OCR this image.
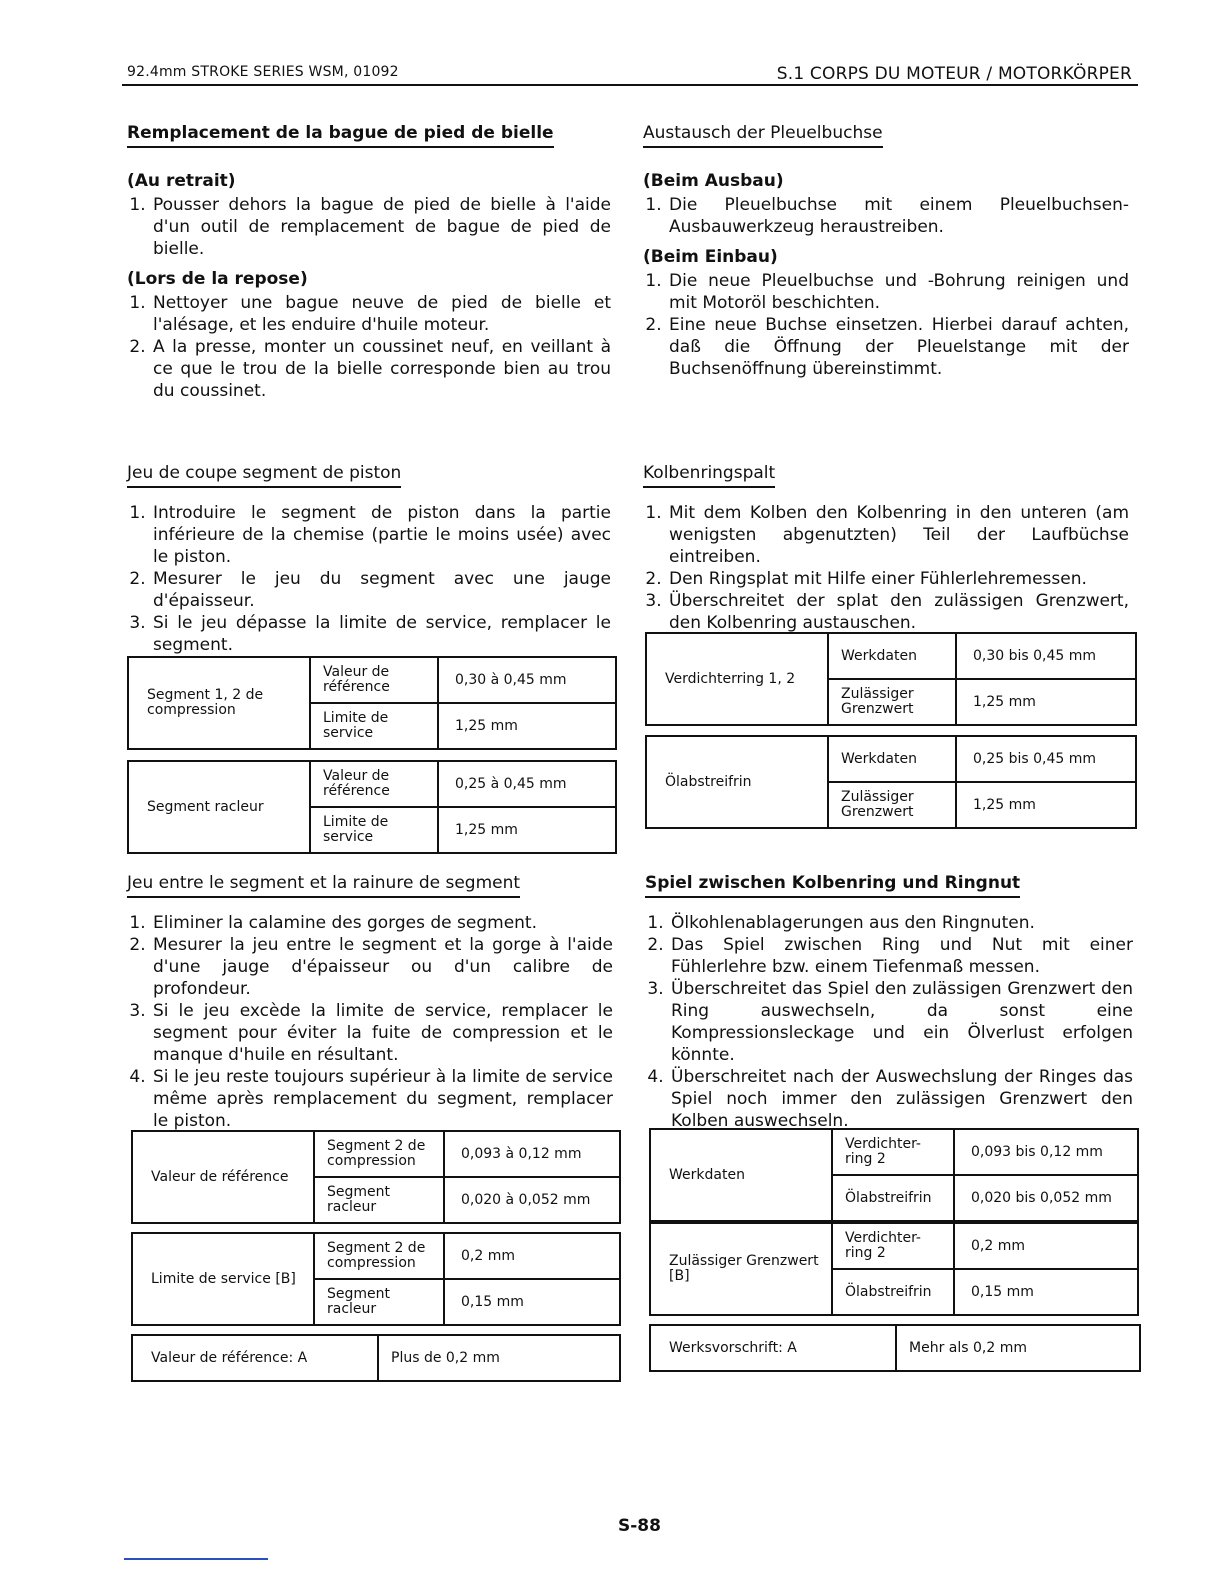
92.4mm STROKE SERIES WSM, 01092	S.1 CORPS DU MOTEUR / MOTORKÖRPER
Remplacement de la bague de pied de bielle
(Au retrait)
1. Pousser dehors la bague de pied de bielle à l'aide d'un outil de remplacement de bague de pied de bielle.
(Lors de la repose)
1. Nettoyer une bague neuve de pied de bielle et l'alésage, et les enduire d'huile moteur.
2. A la presse, monter un coussinet neuf, en veillant à ce que le trou de la bielle corresponde bien au trou du coussinet.
Austausch der Pleuelbuchse
(Beim Ausbau)
1. Die Pleuelbuchse mit einem Pleuelbuchsen-Ausbauwerkzeug heraustreiben.
(Beim Einbau)
1. Die neue Pleuelbuchse und -Bohrung reinigen und mit Motoröl beschichten.
2. Eine neue Buchse einsetzen. Hierbei darauf achten, daß die Öffnung der Pleuelstange mit der Buchsenöffnung übereinstimmt.
Jeu de coupe segment de piston
1. Introduire le segment de piston dans la partie inférieure de la chemise (partie le moins usée) avec le piston.
2. Mesurer le jeu du segment avec une jauge d'épaisseur.
3. Si le jeu dépasse la limite de service, remplacer le segment.
Segment 1, 2 de compression	Valeur de référence	0,30 à 0,45 mm
	Limite de service	1,25 mm
Segment racleur	Valeur de référence	0,25 à 0,45 mm
	Limite de service	1,25 mm
Kolbenringspalt
1. Mit dem Kolben den Kolbenring in den unteren (am wenigsten abgenutzten) Teil der Laufbüchse eintreiben.
2. Den Ringsplat mit Hilfe einer Fühlerlehremessen.
3. Überschreitet der splat den zulässigen Grenzwert, den Kolbenring austauschen.
Verdichterring 1, 2	Werkdaten	0,30 bis 0,45 mm
	Zulässiger Grenzwert	1,25 mm
Ölabstreifrin	Werkdaten	0,25 bis 0,45 mm
	Zulässiger Grenzwert	1,25 mm
Jeu entre le segment et la rainure de segment
1. Eliminer la calamine des gorges de segment.
2. Mesurer la jeu entre le segment et la gorge à l'aide d'une jauge d'épaisseur ou d'un calibre de profondeur.
3. Si le jeu excède la limite de service, remplacer le segment pour éviter la fuite de compression et le manque d'huile en résultant.
4. Si le jeu reste toujours supérieur à la limite de service même après remplacement du segment, remplacer le piston.
Valeur de référence	Segment 2 de compression	0,093 à 0,12 mm
	Segment racleur	0,020 à 0,052 mm
Limite de service [B]	Segment 2 de compression	0,2 mm
	Segment racleur	0,15 mm
Valeur de référence: A	Plus de 0,2 mm
Spiel zwischen Kolbenring und Ringnut
1. Ölkohlenablagerungen aus den Ringnuten.
2. Das Spiel zwischen Ring und Nut mit einer Fühlerlehre bzw. einem Tiefenmaß messen.
3. Überschreitet das Spiel den zulässigen Grenzwert den Ring auswechseln, da sonst eine Kompressionsleckage und ein Ölverlust erfolgen könnte.
4. Überschreitet nach der Auswechslung der Ringes das Spiel noch immer den zulässigen Grenzwert den Kolben auswechseln.
Werkdaten	Verdichter-ring 2	0,093 bis 0,12 mm
	Ölabstreifrin	0,020 bis 0,052 mm
Zulässiger Grenzwert [B]	Verdichter-ring 2	0,2 mm
	Ölabstreifrin	0,15 mm
Werksvorschrift: A	Mehr als 0,2 mm
S-88
